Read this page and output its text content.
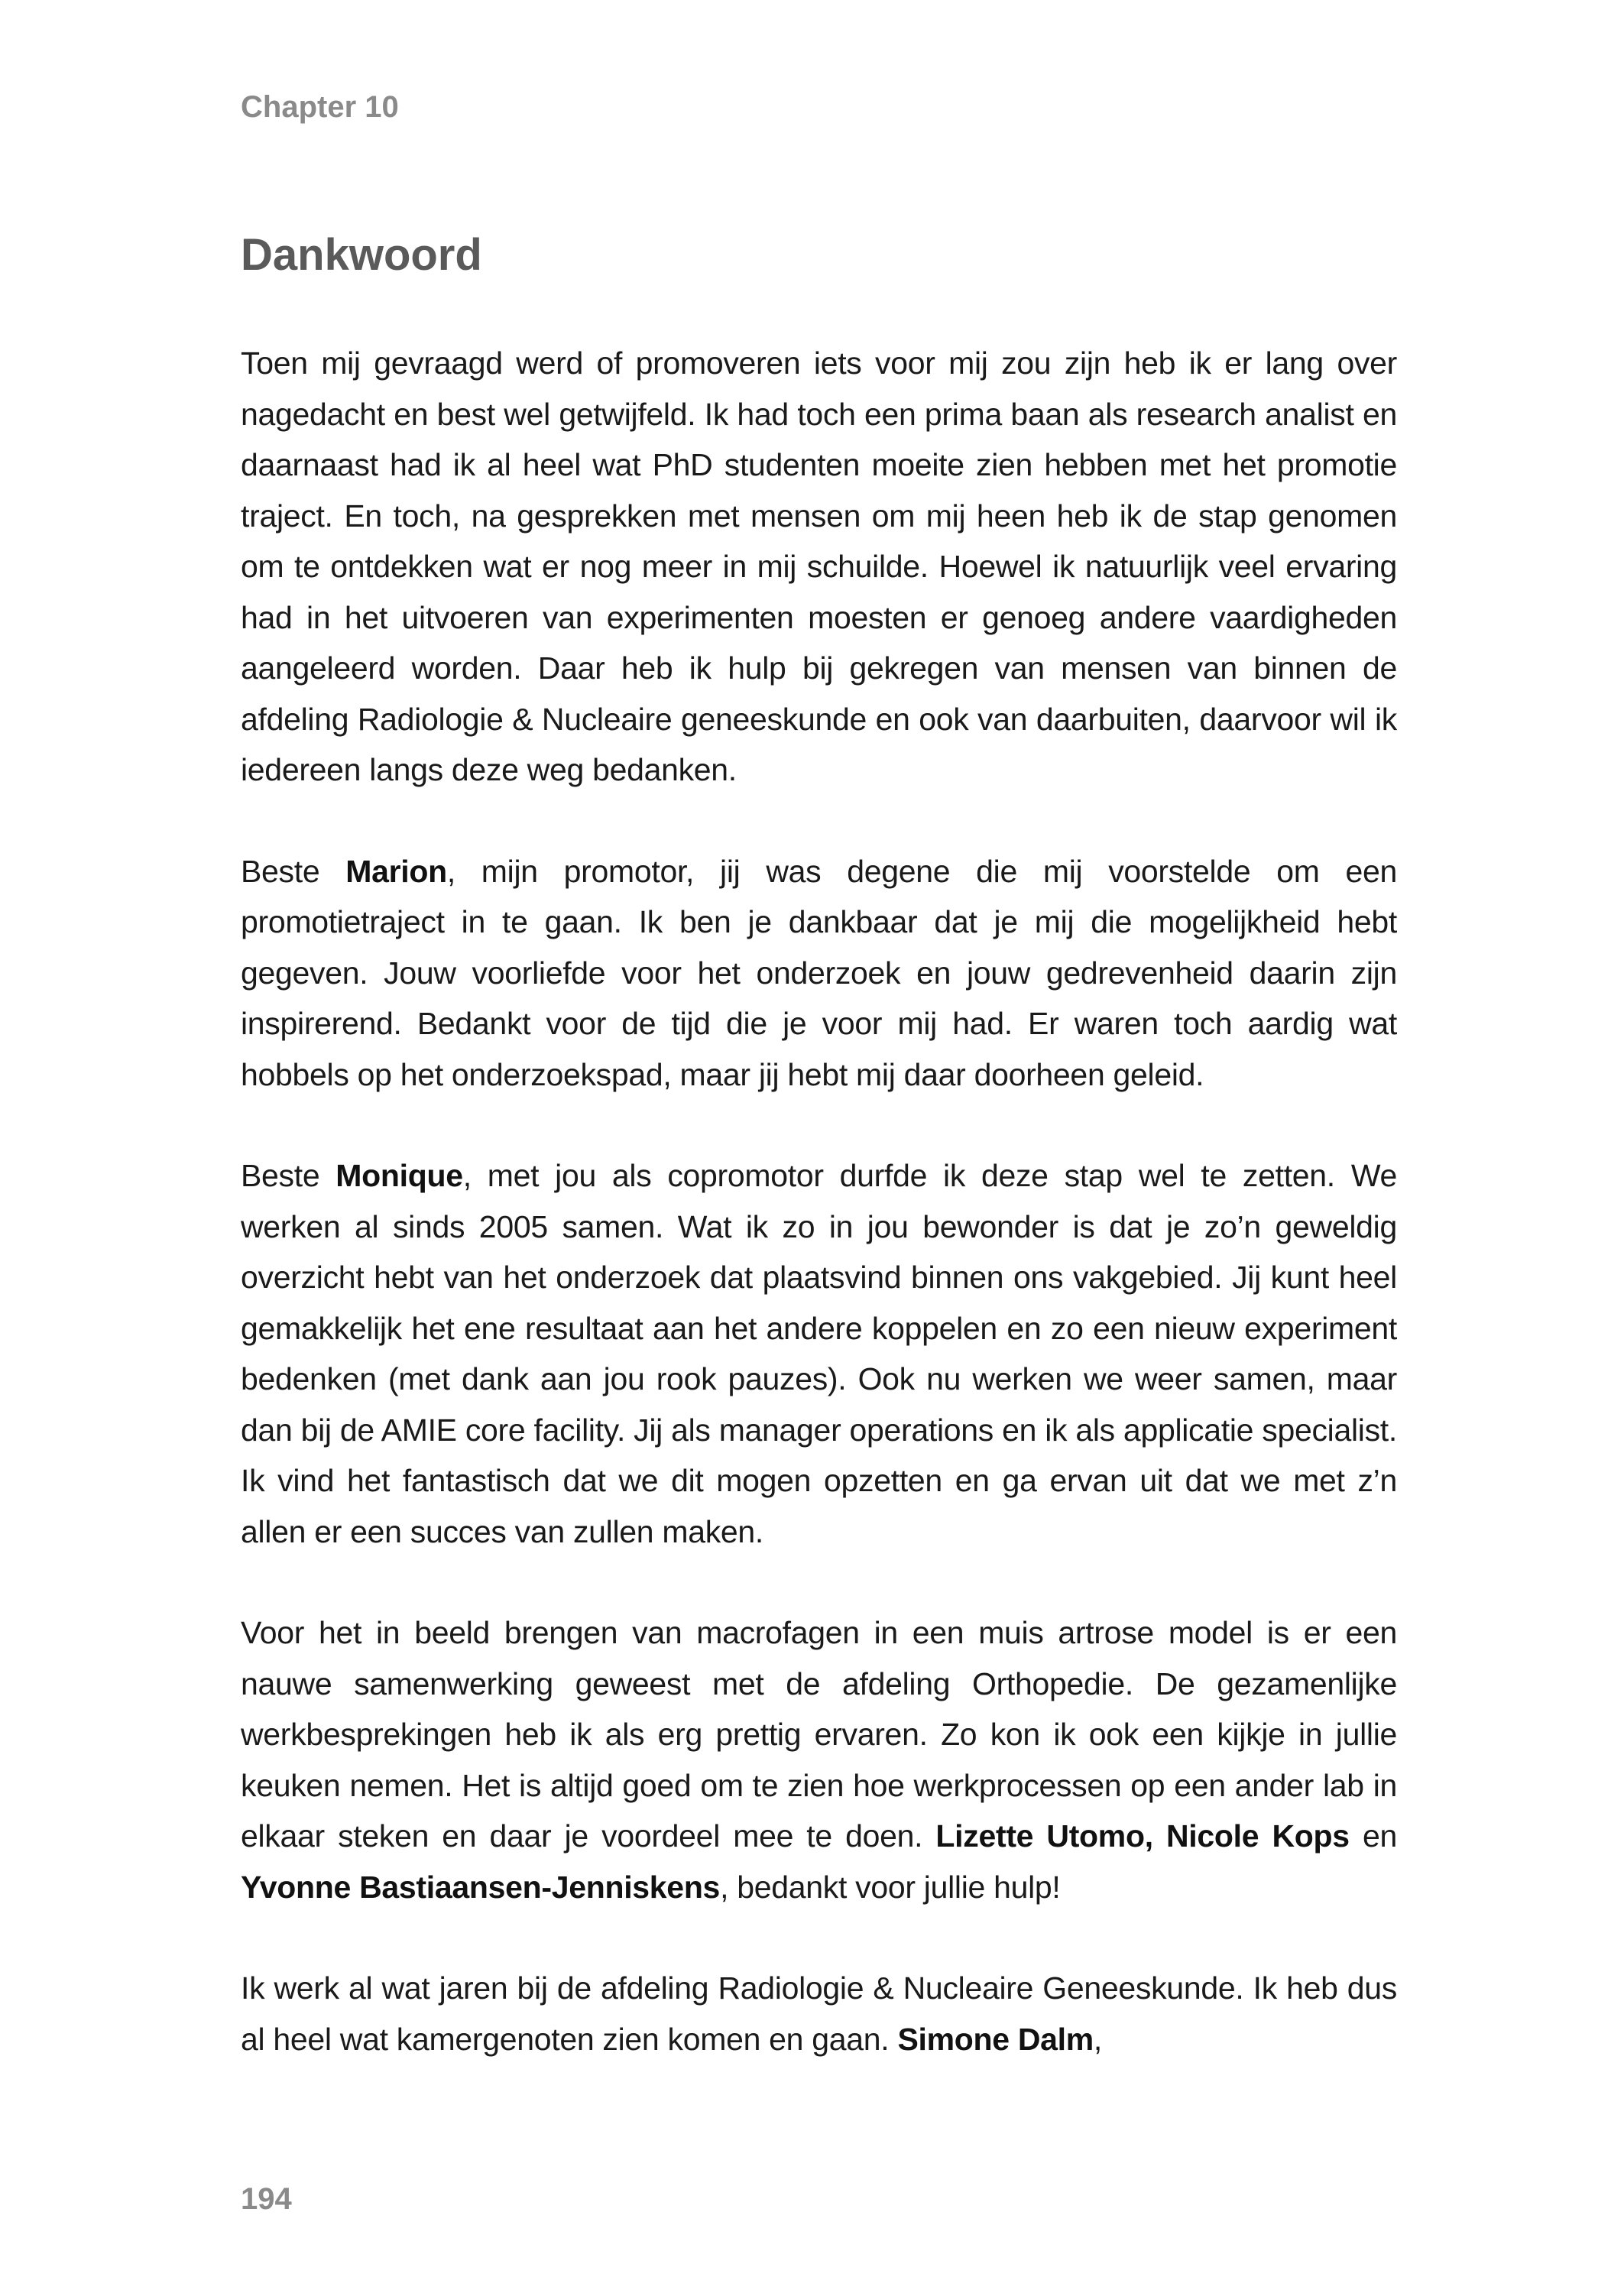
Chapter 10
Dankwoord

Toen mij gevraagd werd of promoveren iets voor mij zou zijn heb ik er lang over nagedacht en best wel getwijfeld. Ik had toch een prima baan als research analist en daarnaast had ik al heel wat PhD studenten moeite zien hebben met het promotie traject. En toch, na gesprekken met mensen om mij heen heb ik de stap genomen om te ontdekken wat er nog meer in mij schuilde. Hoewel ik natuurlijk veel ervaring had in het uitvoeren van experimenten moesten er genoeg andere vaardigheden aangeleerd worden. Daar heb ik hulp bij gekregen van mensen van binnen de afdeling Radiologie & Nucleaire geneeskunde en ook van daarbuiten, daarvoor wil ik iedereen langs deze weg bedanken.

Beste Marion, mijn promotor, jij was degene die mij voorstelde om een promotietraject in te gaan. Ik ben je dankbaar dat je mij die mogelijkheid hebt gegeven. Jouw voorliefde voor het onderzoek en jouw gedrevenheid daarin zijn inspirerend. Bedankt voor de tijd die je voor mij had. Er waren toch aardig wat hobbels op het onderzoekspad, maar jij hebt mij daar doorheen geleid.

Beste Monique, met jou als copromotor durfde ik deze stap wel te zetten. We werken al sinds 2005 samen. Wat ik zo in jou bewonder is dat je zo’n geweldig overzicht hebt van het onderzoek dat plaatsvind binnen ons vakgebied. Jij kunt heel gemakkelijk het ene resultaat aan het andere koppelen en zo een nieuw experiment bedenken (met dank aan jou rook pauzes). Ook nu werken we weer samen, maar dan bij de AMIE core facility. Jij als manager operations en ik als applicatie specialist. Ik vind het fantastisch dat we dit mogen opzetten en ga ervan uit dat we met z’n allen er een succes van zullen maken.

Voor het in beeld brengen van macrofagen in een muis artrose model is er een nauwe samenwerking geweest met de afdeling Orthopedie. De gezamenlijke werkbesprekingen heb ik als erg prettig ervaren. Zo kon ik ook een kijkje in jullie keuken nemen. Het is altijd goed om te zien hoe werkprocessen op een ander lab in elkaar steken en daar je voordeel mee te doen. Lizette Utomo, Nicole Kops en Yvonne Bastiaansen-Jenniskens, bedankt voor jullie hulp!

Ik werk al wat jaren bij de afdeling Radiologie & Nucleaire Geneeskunde. Ik heb dus al heel wat kamergenoten zien komen en gaan. Simone Dalm,

194
